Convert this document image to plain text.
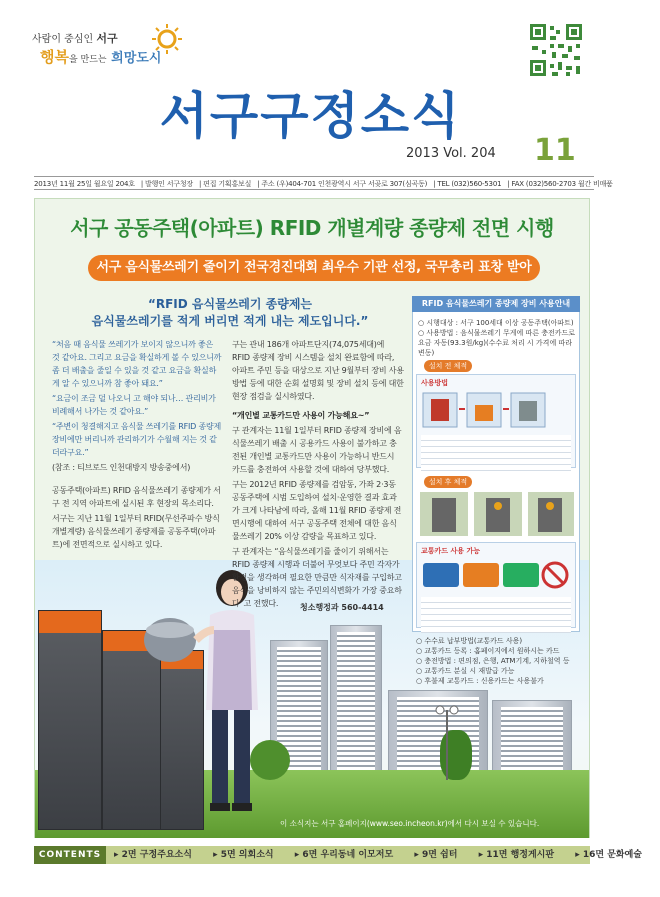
사람이 중심인 서구
행복을 만드는 희망도시
서구구정소식
2013 Vol. 204 11
2013년 11월 25일 월요일 204호 | 발행인 서구청장 | 편집 기획홍보실 | 주소 (우)404-701 인천광역시 서구 서곶로 307(심곡동) | TEL (032)560-5301 | FAX (032)560-2703 월간 비매품
서구 공동주택(아파트) RFID 개별계량 종량제 전면 시행
서구 음식물쓰레기 줄이기 전국경진대회 최우수 기관 선정, 국무총리 표창 받아
“RFID 음식물쓰레기 종량제는
음식물쓰레기를 적게 버리면 적게 내는 제도입니다.”

“처음 때 음식물 쓰레기가 보이지 않으니까 좋은 것 같아요. 그리고 요금을 확실하게 볼 수 있으니까 좀 더 배출을 줄일 수 있을 것 같고 요금을 확실하게 알 수 있으니까 참 좋아 돼요.”

“요금이 조금 덜 나오니 고 해야 되나… 관리비가 비례해서 나가는 것 같아요.”

“주변이 청결해지고 음식물 쓰레기를 RFID 종량제 장비에만 버리니까 관리하기가 수월해 지는 것 같더라구요.”

(참조 : 티브로드 인천대방지 방송중에서)

공동주택(아파트) RFID 음식물쓰레기 종량제가 서구 전 지역 아파트에 실시된 후 현장의 목소리다.

서구는 지난 11월 1일부터 RFID(무선주파수 방식 개별계량) 음식물쓰레기 종량제를 공동주택(아파트)에 전면적으로 실시하고 있다.

구는 관내 186개 아파트단지(74,075세대)에 RFID 종량제 장비 시스템을 설치 완료함에 따라, 아파트 주민 등을 대상으로 지난 9월부터 장비 사용 방법 등에 대한 순회 설명회 및 장비 설치 등에 대한 현장 점검을 실시하였다.

“개인별 교통카드만 사용이 가능해요~”

구 관계자는 11월 1일부터 RFID 종량제 장비에 음식물쓰레기 배출 시 공용카드 사용이 불가하고 충전된 개인별 교통카드만 사용이 가능하니 반드시 카드를 충전하여 사용할 것에 대하여 당부했다.

구는 2012년 RFID 종량제를 검암동, 가좌 2·3동 공동주택에 시범 도입하여 설치·운영한 결과 효과가 크게 나타남에 따라, 올해 11월 RFID 종량제 전면시행에 대하여 서구 공동주택 전체에 대한 음식물쓰레기 20% 이상 감량을 목표하고 있다.

구 관계자는 “음식물쓰레기를 줄이기 위해서는 RFID 종량제 시행과 더불어 무엇보다 주민 각자가 환경을 생각하며 필요한 만큼만 식자재를 구입하고 음식을 낭비하지 않는 주민의식변화가 가장 중요하다”고 전했다.	청소행정과 560-4414
RFID 음식물쓰레기 종량제 장비 사용안내
○ 시행대상 : 서구 100세대 이상 공동주택(아파트)
○ 사용방법 : 음식물쓰레기 무게에 따른 충전카드로 요금 자동(93.3원/kg)(수수료 처리 시 가격에 따라 변동)
설치 전 체적
사용방법
설치 후 체적
교통카드 사용 가능
○ 수수료 납부방법(교통카드 사용)
○ 교통카드 등록 : 홈페이지에서 원하시는 카드
○ 충전방법 : 편의점, 은행, ATM기계, 지하철역 등
○ 교통카드 분실 시 재발급 가능
○ 후불제 교통카드 : 신용카드는 사용불가
이 소식지는 서구 홈페이지(www.seo.incheon.kr)에서 다시 보실 수 있습니다.
CONTENTS	▸ 2면 구정주요소식 ▸ 5면 의회소식 ▸ 6면 우리동네 이모저모 ▸ 9면 쉼터 ▸ 11면 행정게시판 ▸ 16면 문화예술
